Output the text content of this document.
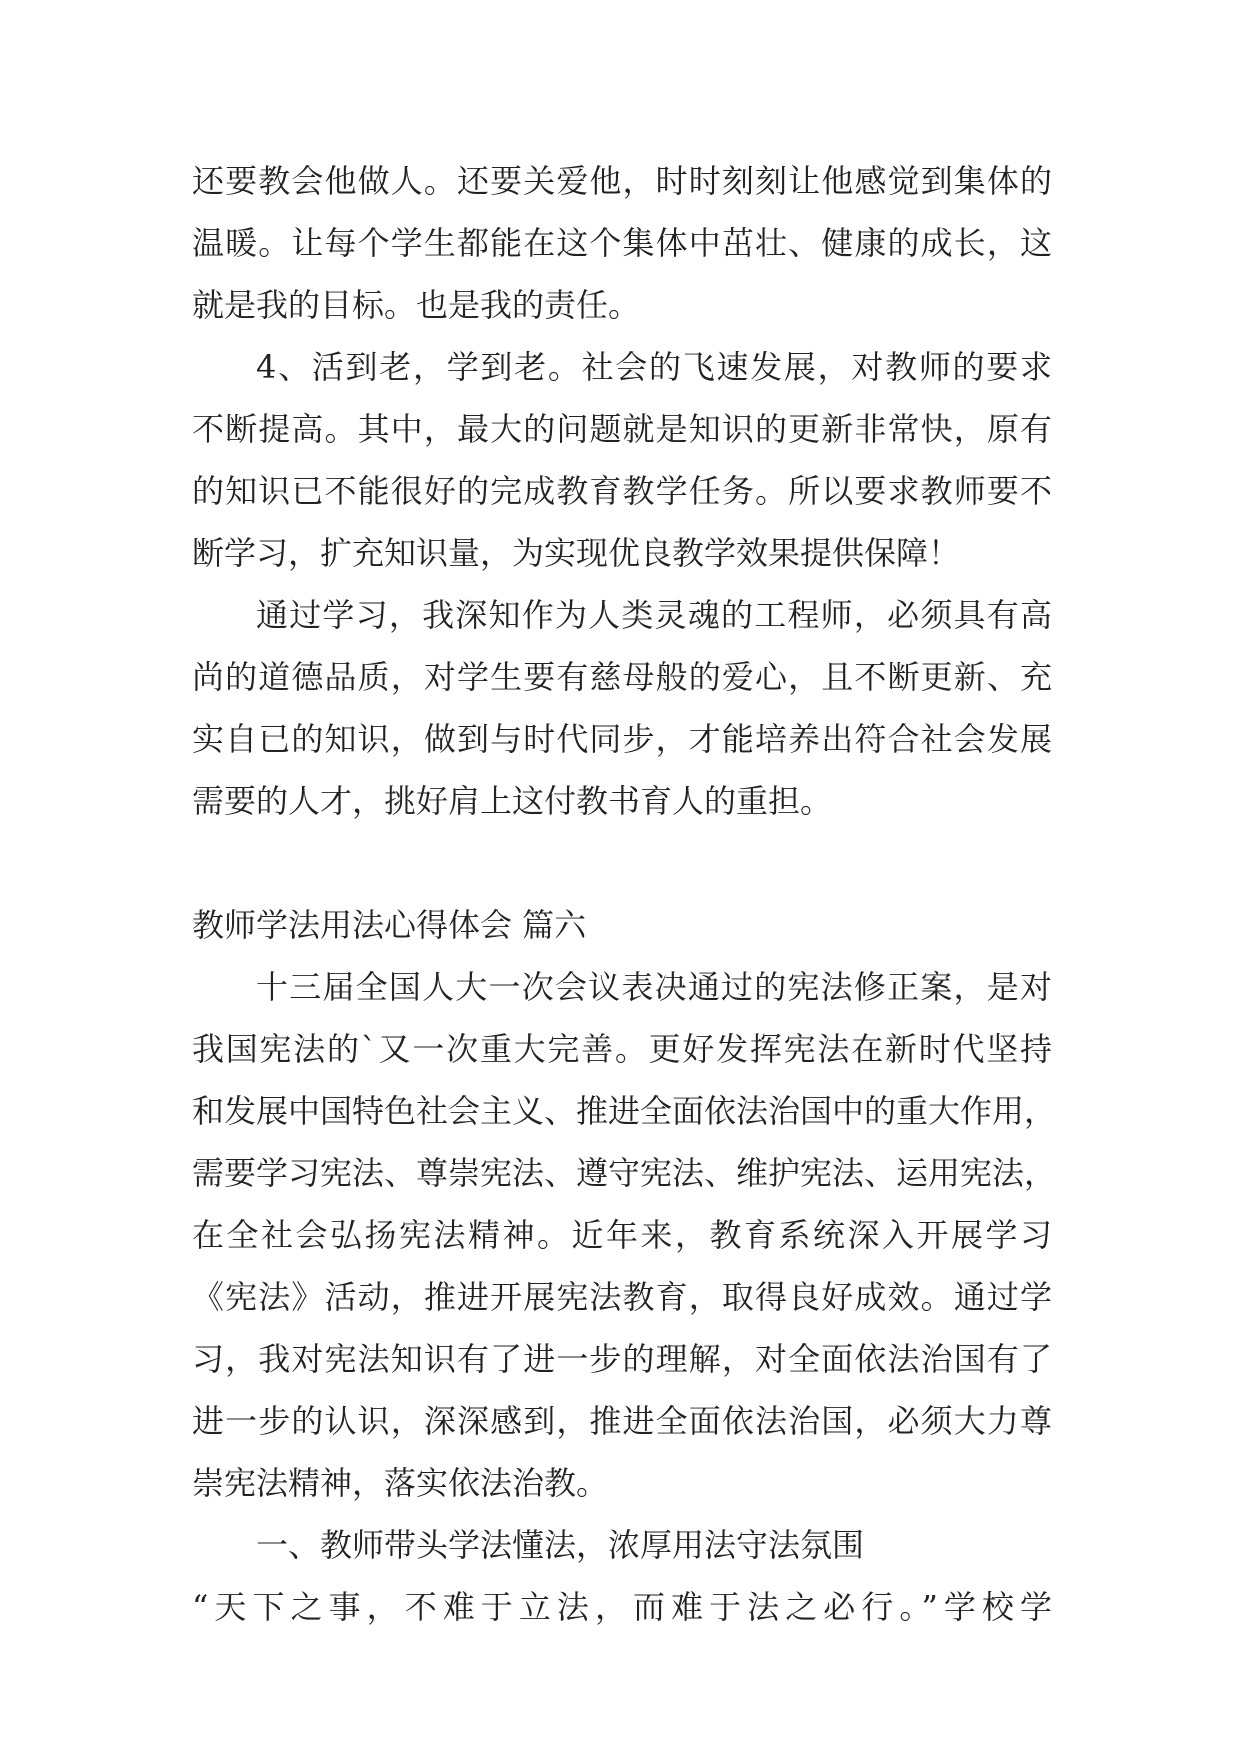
还要教会他做人。还要关爱他，时时刻刻让他感觉到集体的
温暖。让每个学生都能在这个集体中茁壮、健康的成长，这
就是我的目标。也是我的责任。
4、活到老，学到老。社会的飞速发展，对教师的要求
不断提高。其中，最大的问题就是知识的更新非常快，原有
的知识已不能很好的完成教育教学任务。所以要求教师要不
断学习，扩充知识量，为实现优良教学效果提供保障！
通过学习，我深知作为人类灵魂的工程师，必须具有高
尚的道德品质，对学生要有慈母般的爱心，且不断更新、充
实自已的知识，做到与时代同步，才能培养出符合社会发展
需要的人才，挑好肩上这付教书育人的重担。
教师学法用法心得体会 篇六
十三届全国人大一次会议表决通过的宪法修正案，是对
我国宪法的`又一次重大完善。更好发挥宪法在新时代坚持
和发展中国特色社会主义、推进全面依法治国中的重大作用，
需要学习宪法、尊崇宪法、遵守宪法、维护宪法、运用宪法，
在全社会弘扬宪法精神。近年来，教育系统深入开展学习
《宪法》活动，推进开展宪法教育，取得良好成效。通过学
习，我对宪法知识有了进一步的理解，对全面依法治国有了
进一步的认识，深深感到，推进全面依法治国，必须大力尊
崇宪法精神，落实依法治教。
一、教师带头学法懂法，浓厚用法守法氛围
“天下之事，不难于立法，而难于法之必行。”学校学
